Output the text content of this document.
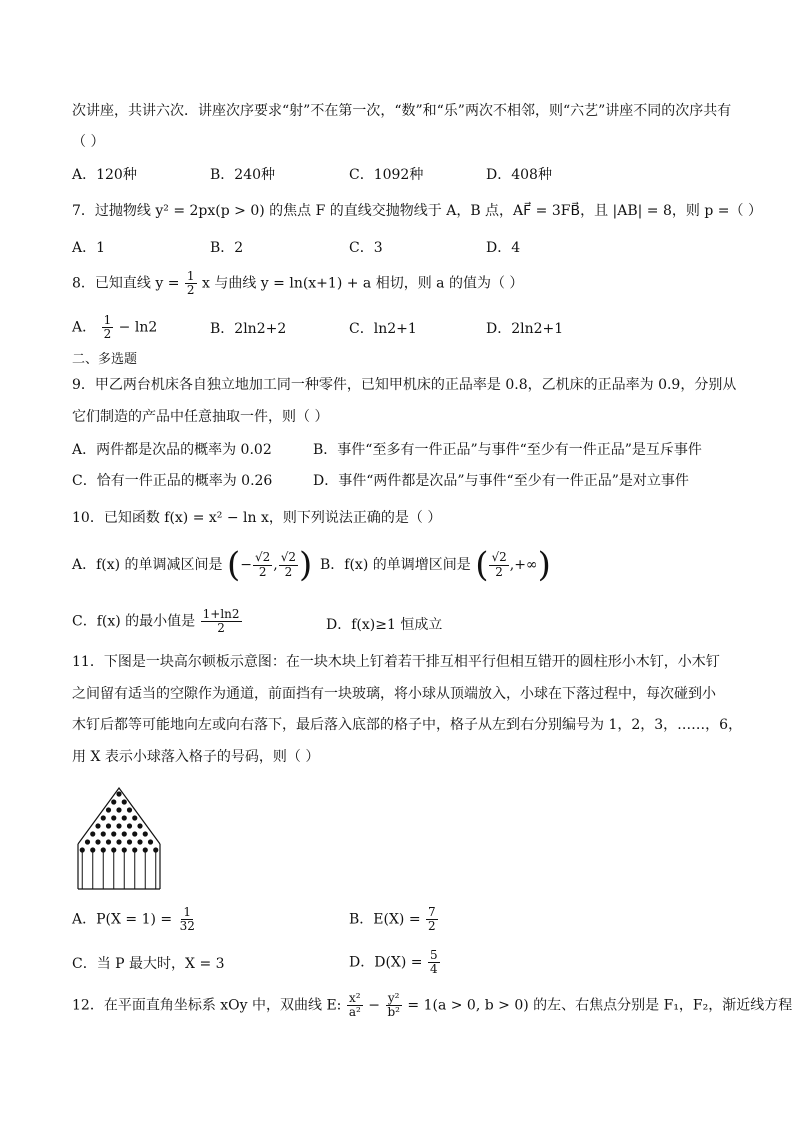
次讲座，共讲六次．讲座次序要求“射”不在第一次，“数”和“乐”两次不相邻，则“六艺”讲座不同的次序共有
（ ）
A．120种	B．240种	C．1092种	D．408种
7．过抛物线 y² = 2px(p > 0) 的焦点 F 的直线交抛物线于 A，B 点，AF⃗ = 3FB⃗，且 |AB| = 8，则 p =（ ）
A．1	B．2	C．3	D．4
8．已知直线 $y = \frac{1}{2}$ x 与曲线 y = ln(x+1) + a 相切，则 a 的值为（ ）
A． $\frac{1}{2} - \ln 2$	B．2ln2+2	C．ln2+1	D．2ln2+1
二、多选题
9．甲乙两台机床各自独立地加工同一种零件，已知甲机床的正品率是 0.8，乙机床的正品率为 0.9，分别从
它们制造的产品中任意抽取一件，则（ ）
A．两件都是次品的概率为 0.02	B．事件“至多有一件正品”与事件“至少有一件正品”是互斥事件
C．恰有一件正品的概率为 0.26	D．事件“两件都是次品”与事件“至少有一件正品”是对立事件
10．已知函数 f(x) = x² − ln x，则下列说法正确的是（ ）
A．f(x) 的单调减区间是 (− $\frac{√2}{2}$ , $\frac{√2}{2}$ ) B．f(x) 的单调增区间是 ( $\frac{√2}{2}$ ,+∞)
C．f(x) 的最小值是 $\frac{1+\ln 2}{2}$	D．f(x)≥1 恒成立
11．下图是一块高尔顿板示意图：在一块木块上钉着若干排互相平行但相互错开的圆柱形小木钉，小木钉
之间留有适当的空隙作为通道，前面挡有一块玻璃，将小球从顶端放入，小球在下落过程中，每次碰到小
木钉后都等可能地向左或向右落下，最后落入底部的格子中，格子从左到右分别编号为 1，2，3，……，6，
用 X 表示小球落入格子的号码，则（ ）
A．$P(X = 1) = \frac{1}{32}$	B．$E(X) = \frac{7}{2}$
C．当 P 最大时，X = 3	D．$D(X) = \frac{5}{4}$
12．在平面直角坐标系 xOy 中，双曲线 E: $\frac{\text{x²}}{\text{a²}} - \frac{\text{y²}}{\text{b²}} = 1(a > 0$, b > 0) 的左、右焦点分别是 F₁，F₂，渐近线方程
